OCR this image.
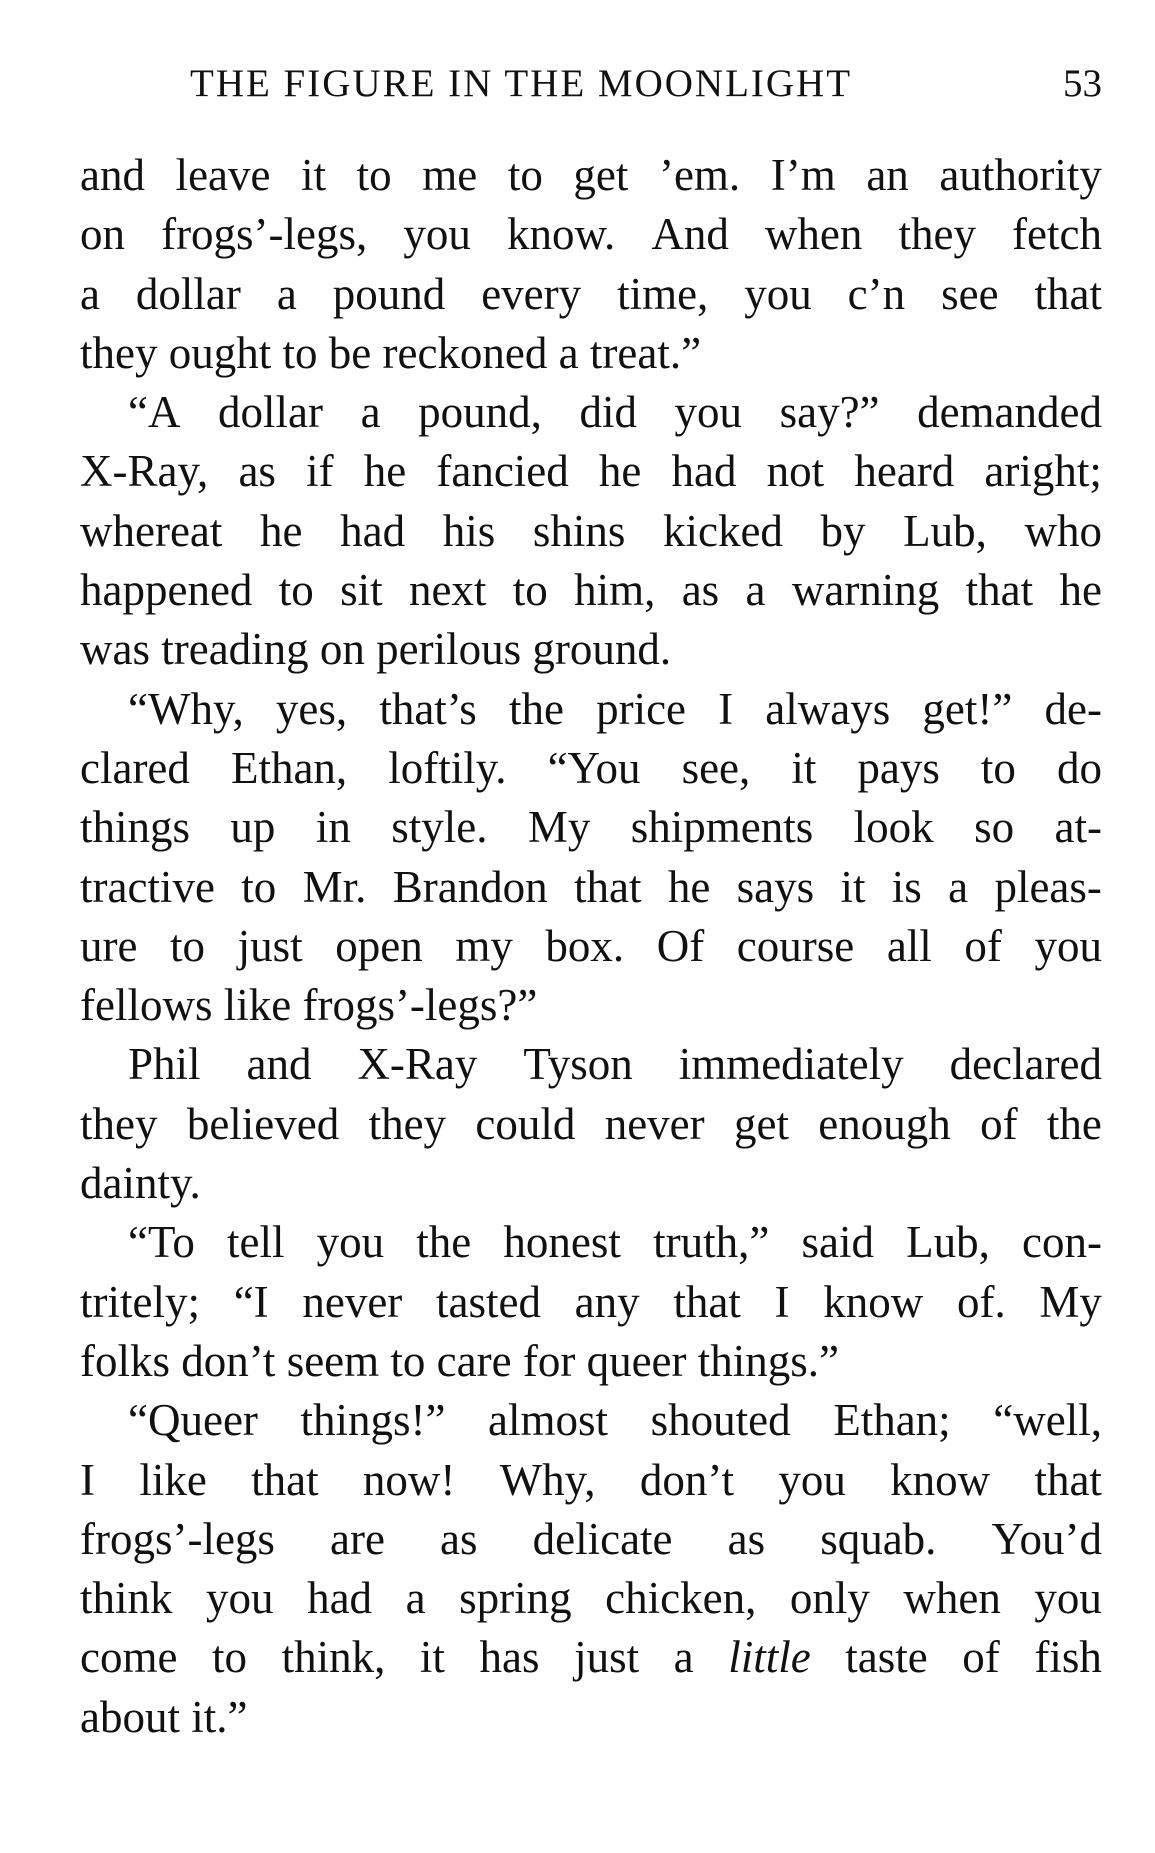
THE FIGURE IN THE MOONLIGHT	53
and leave it to me to get ’em. I’m an authority
on frogs’-legs, you know. And when they fetch
a dollar a pound every time, you c’n see that
they
ought
to
be
reckoned
a
treat.”
“A dollar a pound, did you say?” demanded
X-Ray, as if he fancied he had not heard aright;
whereat he had his shins kicked by Lub, who
happened to sit next to him, as a warning that he
was
treading
on
perilous
ground.
“Why, yes, that’s the price I always get!” de-
clared Ethan, loftily. “You see, it pays to do
things up in style. My shipments look so at-
tractive to Mr. Brandon that he says it is a pleas-
ure to just open my box. Of course all of you
fellows
like
frogs’-legs?”
Phil and X-Ray Tyson immediately declared
they believed they could never get enough of the
dainty.
“To tell you the honest truth,” said Lub, con-
tritely; “I never tasted any that I know of. My
folks
don’t
seem
to
care
for
queer
things.”
“Queer things!” almost shouted Ethan; “well,
I like that now! Why, don’t you know that
frogs’-legs are as delicate as squab. You’d
think you had a spring chicken, only when you
come to think, it has just a little taste of fish
about
it.”
